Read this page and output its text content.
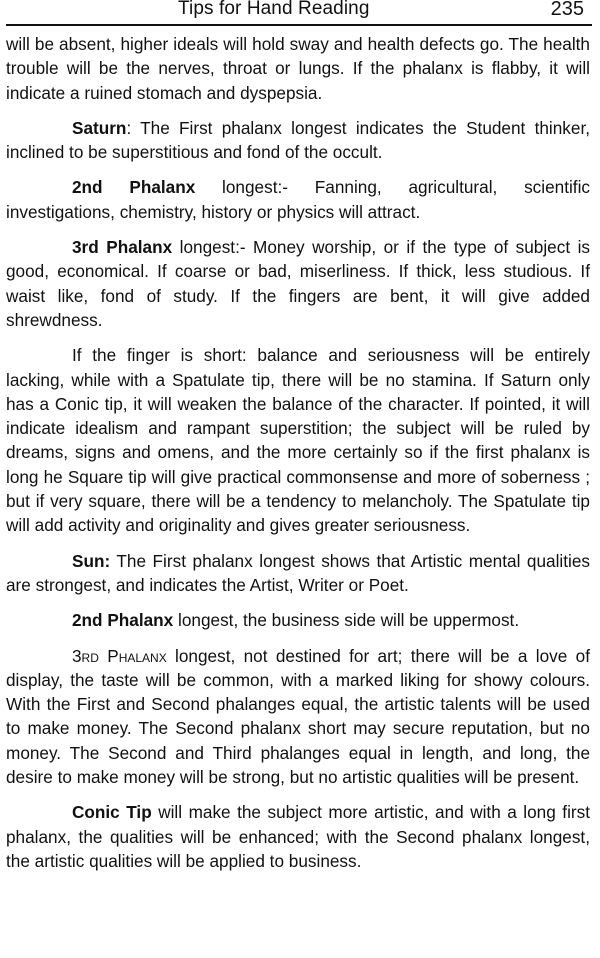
Tips for Hand Reading	235

will be absent, higher ideals will hold sway and health defects go. The health trouble will be the nerves, throat or lungs. If the phalanx is flabby, it will indicate a ruined stomach and dyspepsia.

Saturn: The First phalanx longest indicates the Student thinker, inclined to be superstitious and fond of the occult.

2nd Phalanx longest:- Fanning, agricultural, scientific investigations, chemistry, history or physics will attract.

3rd Phalanx longest:- Money worship, or if the type of subject is good, economical. If coarse or bad, miserliness. If thick, less studious. If waist like, fond of study. If the fingers are bent, it will give added shrewdness.

If the finger is short: balance and seriousness will be entirely lacking, while with a Spatulate tip, there will be no stamina. If Saturn only has a Conic tip, it will weaken the balance of the character. If pointed, it will indicate idealism and rampant superstition; the subject will be ruled by dreams, signs and omens, and the more certainly so if the first phalanx is long he Square tip will give practical commonsense and more of soberness ; but if very square, there will be a tendency to melancholy. The Spatulate tip will add activity and originality and gives greater seriousness.

Sun: The First phalanx longest shows that Artistic mental qualities are strongest, and indicates the Artist, Writer or Poet.

2nd Phalanx longest, the business side will be uppermost.

3rd Phalanx longest, not destined for art; there will be a love of display, the taste will be common, with a marked liking for showy colours. With the First and Second phalanges equal, the artistic talents will be used to make money. The Second phalanx short may secure reputation, but no money. The Second and Third phalanges equal in length, and long, the desire to make money will be strong, but no artistic qualities will be present.

Conic Tip will make the subject more artistic, and with a long first phalanx, the qualities will be enhanced; with the Second phalanx longest, the artistic qualities will be applied to business.
